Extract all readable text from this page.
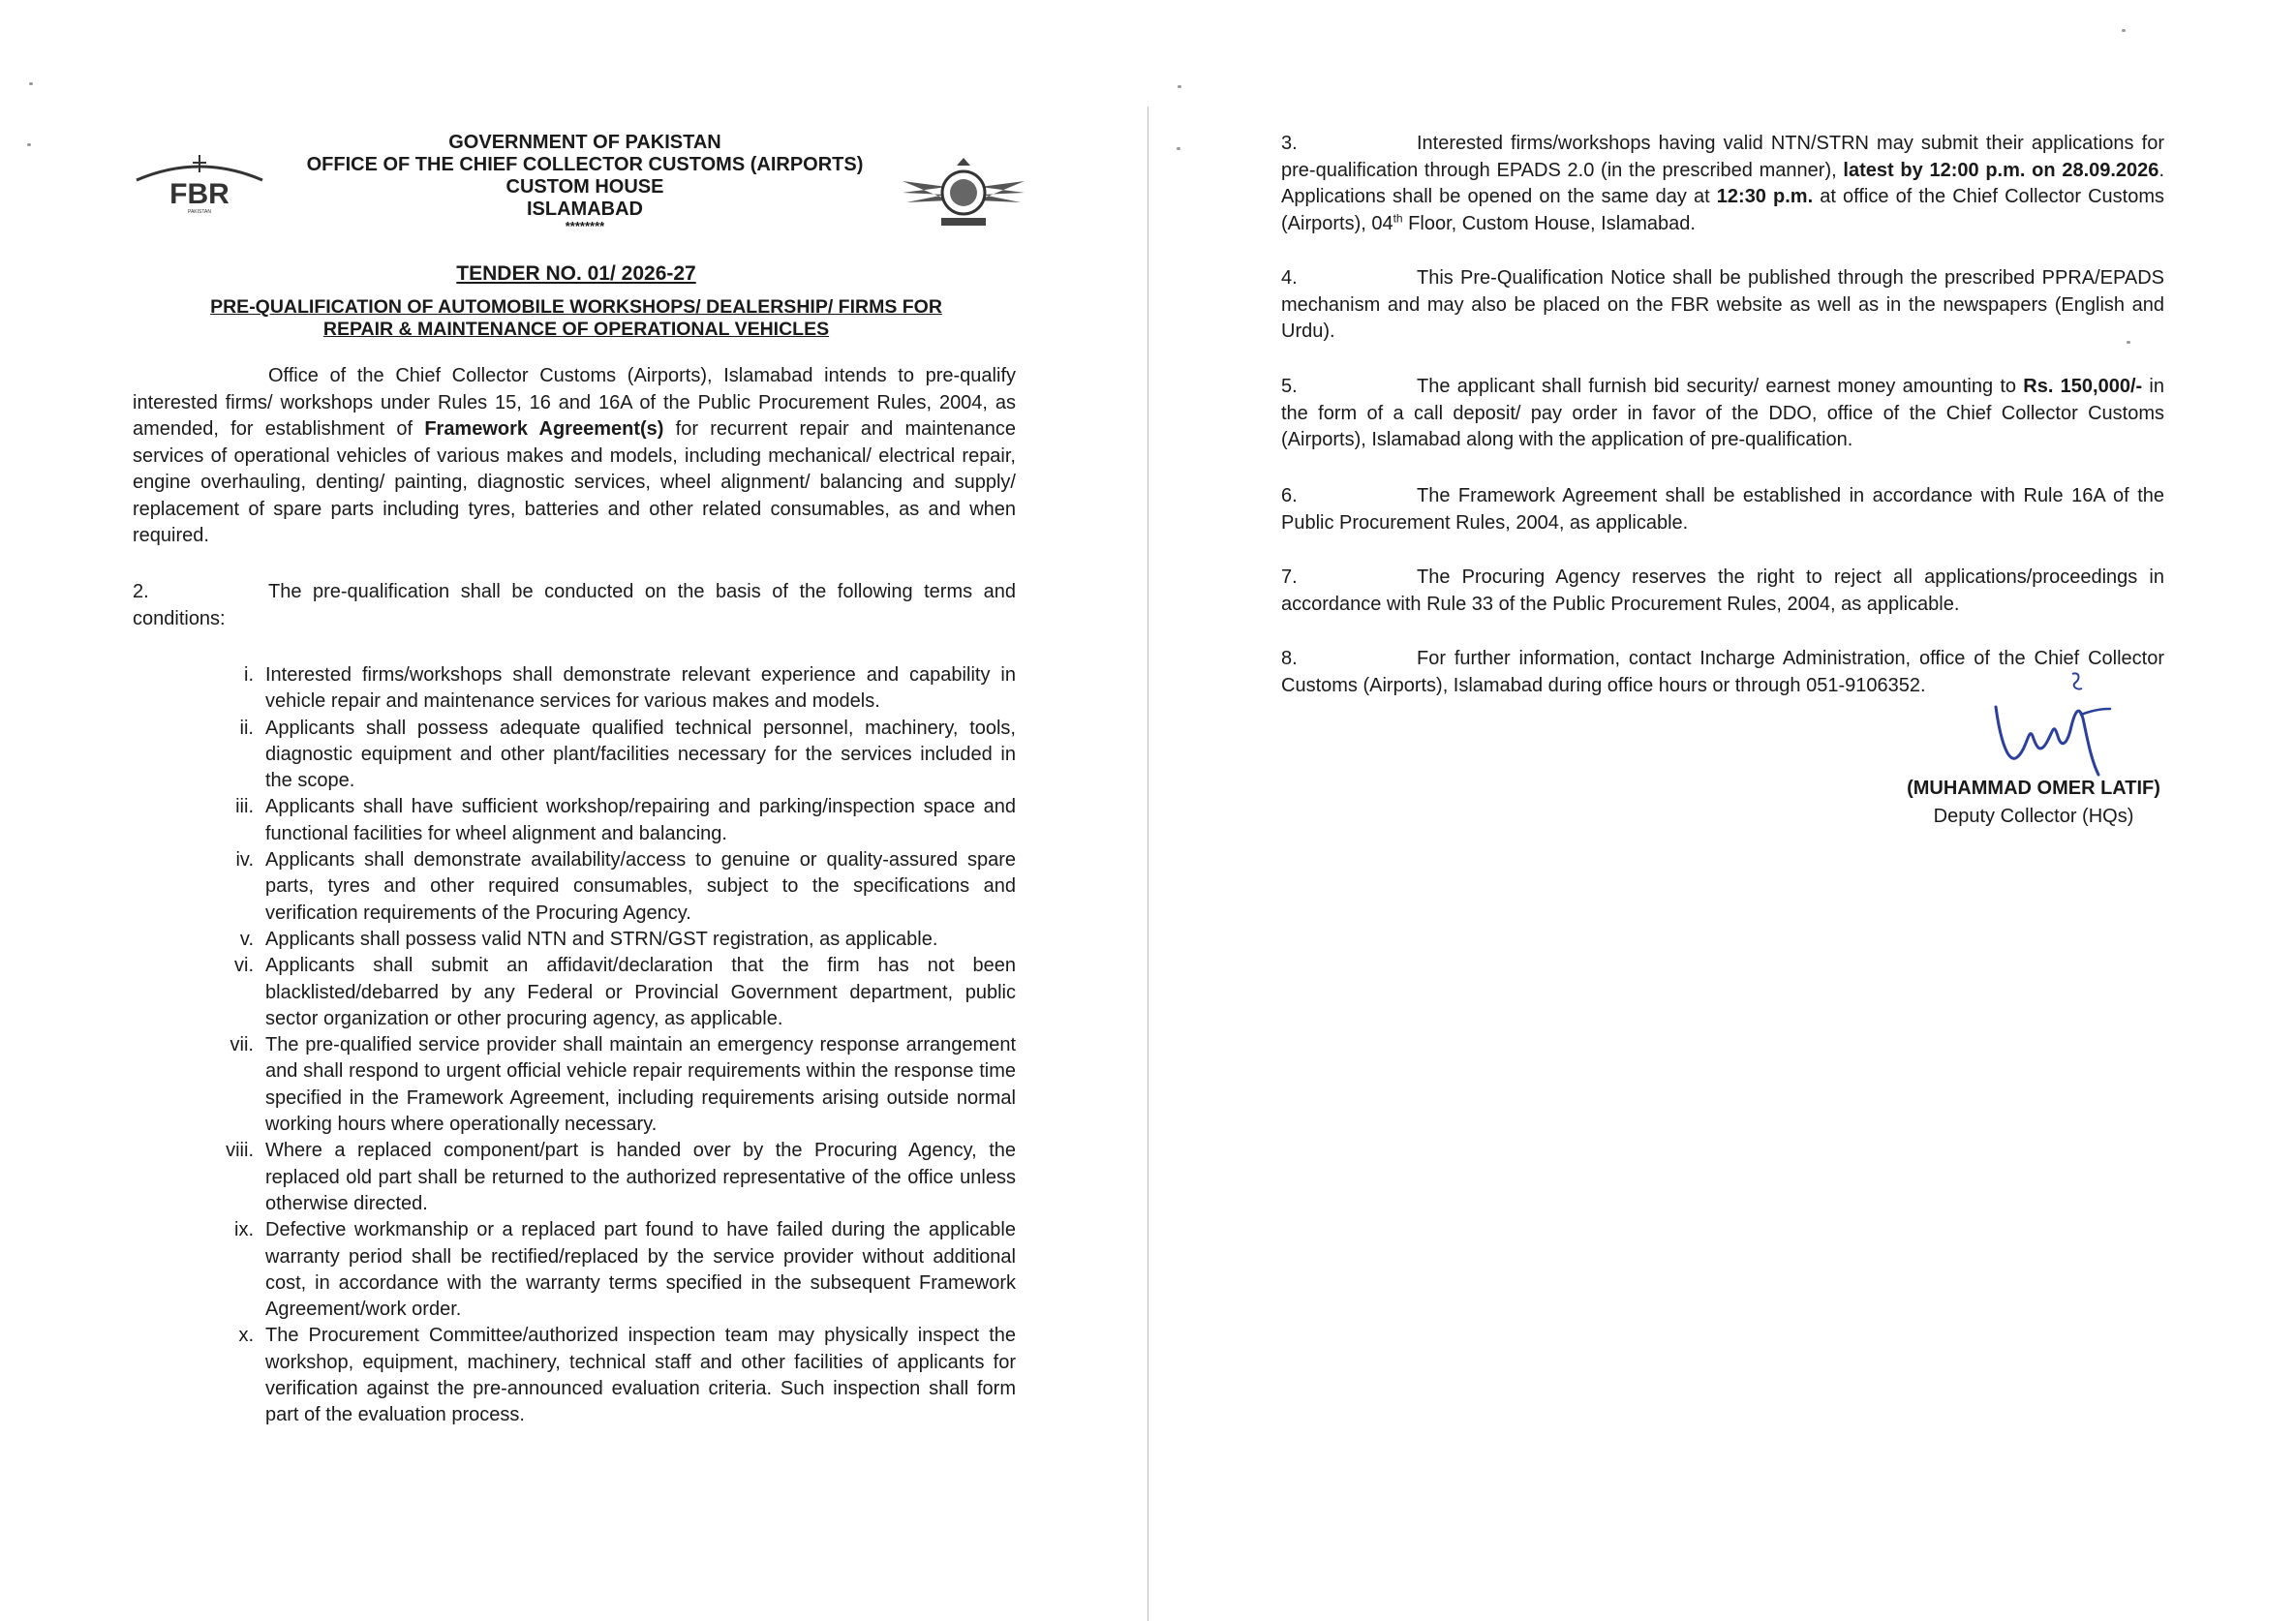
FBR
PAKISTAN
GOVERNMENT OF PAKISTAN
OFFICE OF THE CHIEF COLLECTOR CUSTOMS (AIRPORTS)
CUSTOM HOUSE
ISLAMABAD
********
TENDER NO. 01/ 2026-27
PRE-QUALIFICATION OF AUTOMOBILE WORKSHOPS/ DEALERSHIP/ FIRMS FOR
REPAIR & MAINTENANCE OF OPERATIONAL VEHICLES
Office of the Chief Collector Customs (Airports), Islamabad intends to pre-qualify interested firms/ workshops under Rules 15, 16 and 16A of the Public Procurement Rules, 2004, as amended, for establishment of Framework Agreement(s) for recurrent repair and maintenance services of operational vehicles of various makes and models, including mechanical/ electrical repair, engine overhauling, denting/ painting, diagnostic services, wheel alignment/ balancing and supply/ replacement of spare parts including tyres, batteries and other related consumables, as and when required.
2.	The pre-qualification shall be conducted on the basis of the following terms and conditions:
i. Interested firms/workshops shall demonstrate relevant experience and capability in vehicle repair and maintenance services for various makes and models.
ii. Applicants shall possess adequate qualified technical personnel, machinery, tools, diagnostic equipment and other plant/facilities necessary for the services included in the scope.
iii. Applicants shall have sufficient workshop/repairing and parking/inspection space and functional facilities for wheel alignment and balancing.
iv. Applicants shall demonstrate availability/access to genuine or quality-assured spare parts, tyres and other required consumables, subject to the specifications and verification requirements of the Procuring Agency.
v. Applicants shall possess valid NTN and STRN/GST registration, as applicable.
vi. Applicants shall submit an affidavit/declaration that the firm has not been blacklisted/debarred by any Federal or Provincial Government department, public sector organization or other procuring agency, as applicable.
vii. The pre-qualified service provider shall maintain an emergency response arrangement and shall respond to urgent official vehicle repair requirements within the response time specified in the Framework Agreement, including requirements arising outside normal working hours where operationally necessary.
viii. Where a replaced component/part is handed over by the Procuring Agency, the replaced old part shall be returned to the authorized representative of the office unless otherwise directed.
ix. Defective workmanship or a replaced part found to have failed during the applicable warranty period shall be rectified/replaced by the service provider without additional cost, in accordance with the warranty terms specified in the subsequent Framework Agreement/work order.
x. The Procurement Committee/authorized inspection team may physically inspect the workshop, equipment, machinery, technical staff and other facilities of applicants for verification against the pre-announced evaluation criteria. Such inspection shall form part of the evaluation process.
3.	Interested firms/workshops having valid NTN/STRN may submit their applications for pre-qualification through EPADS 2.0 (in the prescribed manner), latest by 12:00 p.m. on 28.09.2026. Applications shall be opened on the same day at 12:30 p.m. at office of the Chief Collector Customs (Airports), 04th Floor, Custom House, Islamabad.
4.	This Pre-Qualification Notice shall be published through the prescribed PPRA/EPADS mechanism and may also be placed on the FBR website as well as in the newspapers (English and Urdu).
5.	The applicant shall furnish bid security/ earnest money amounting to Rs. 150,000/- in the form of a call deposit/ pay order in favor of the DDO, office of the Chief Collector Customs (Airports), Islamabad along with the application of pre-qualification.
6.	The Framework Agreement shall be established in accordance with Rule 16A of the Public Procurement Rules, 2004, as applicable.
7.	The Procuring Agency reserves the right to reject all applications/proceedings in accordance with Rule 33 of the Public Procurement Rules, 2004, as applicable.
8.	For further information, contact Incharge Administration, office of the Chief Collector Customs (Airports), Islamabad during office hours or through 051-9106352.
(MUHAMMAD OMER LATIF)
Deputy Collector (HQs)
